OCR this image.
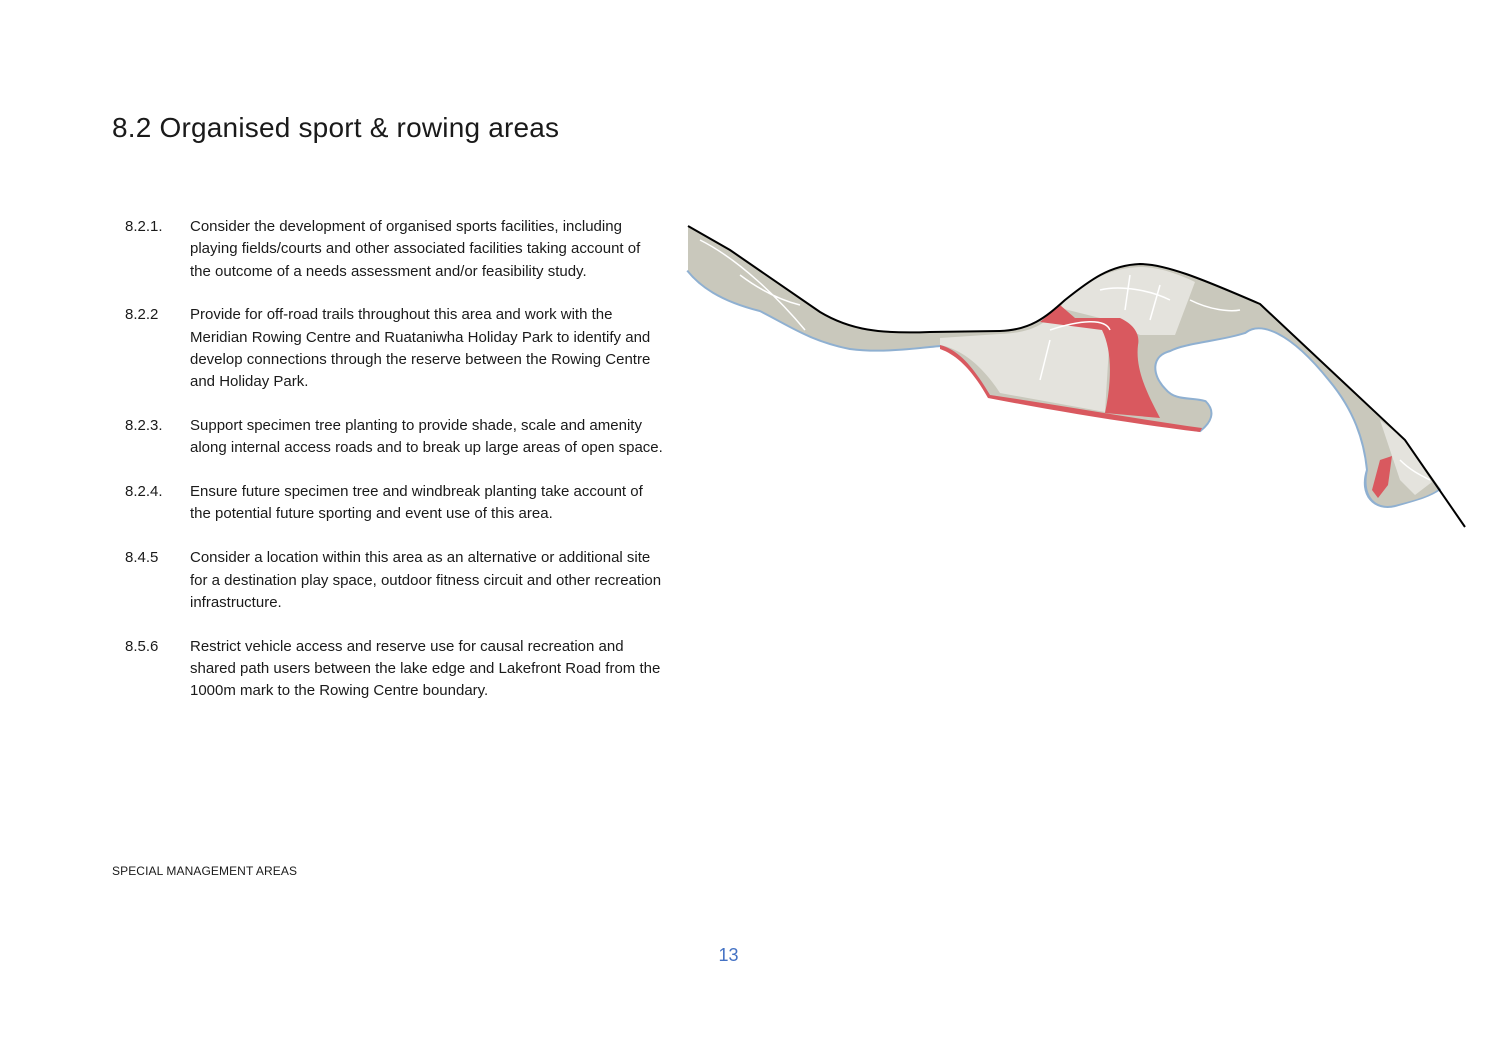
8.2 Organised sport & rowing areas
8.2.1. Consider the development of organised sports facilities, including playing fields/courts and other associated facilities taking account of the outcome of a needs assessment and/or feasibility study.
8.2.2 Provide for off-road trails throughout this area and work with the Meridian Rowing Centre and Ruataniwha Holiday Park to identify and develop connections through the reserve between the Rowing Centre and Holiday Park.
8.2.3. Support specimen tree planting to provide shade, scale and amenity along internal access roads and to break up large areas of open space.
8.2.4. Ensure future specimen tree and windbreak planting take account of the potential future sporting and event use of this area.
8.4.5 Consider a location within this area as an alternative or additional site for a destination play space, outdoor fitness circuit and other recreation infrastructure.
8.5.6 Restrict vehicle access and reserve use for causal recreation and shared path users between the lake edge and Lakefront Road from the 1000m mark to the Rowing Centre boundary.
SPECIAL MANAGEMENT AREAS
13
